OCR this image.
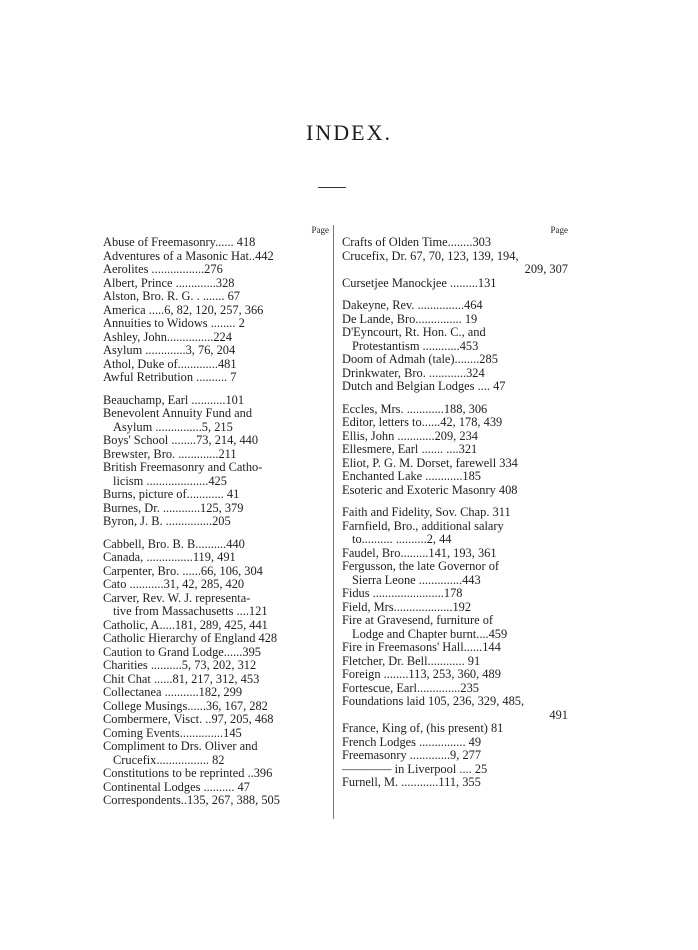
INDEX.
Page
Abuse of Freemasonry...... 418
Adventures of a Masonic Hat..442
Aerolites .................276
Albert, Prince .............328
Alston, Bro. R. G. . ....... 67
America .....6, 82, 120, 257, 366
Annuities to Widows ........ 2
Ashley, John...............224
Asylum .............3, 76, 204
Athol, Duke of.............481
Awful Retribution .......... 7
Beauchamp, Earl ...........101
Benevolent Annuity Fund and
Asylum ...............5, 215
Boys' School ........73, 214, 440
Brewster, Bro. .............211
British Freemasonry and Catho-
licism ....................425
Burns, picture of............ 41
Burnes, Dr. ............125, 379
Byron, J. B. ...............205
Cabbell, Bro. B. B..........440
Canada, ...............119, 491
Carpenter, Bro. ......66, 106, 304
Cato ...........31, 42, 285, 420
Carver, Rev. W. J. representa-
tive from Massachusetts ....121
Catholic, A.....181, 289, 425, 441
Catholic Hierarchy of England 428
Caution to Grand Lodge......395
Charities ..........5, 73, 202, 312
Chit Chat ......81, 217, 312, 453
Collectanea ...........182, 299
College Musings......36, 167, 282
Combermere, Visct. ..97, 205, 468
Coming Events..............145
Compliment to Drs. Oliver and
Crucefix................. 82
Constitutions to be reprinted ..396
Continental Lodges .......... 47
Correspondents..135, 267, 388, 505
Page
Crafts of Olden Time........303
Crucefix, Dr. 67, 70, 123, 139, 194,
209, 307
Cursetjee Manockjee .........131
Dakeyne, Rev. ...............464
De Lande, Bro............... 19
D'Eyncourt, Rt. Hon. C., and
Protestantism ............453
Doom of Admah (tale)........285
Drinkwater, Bro. ............324
Dutch and Belgian Lodges .... 47
Eccles, Mrs. ............188, 306
Editor, letters to......42, 178, 439
Ellis, John ............209, 234
Ellesmere, Earl ....... ....321
Eliot, P. G. M. Dorset, farewell 334
Enchanted Lake ............185
Esoteric and Exoteric Masonry 408
Faith and Fidelity, Sov. Chap. 311
Farnfield, Bro., additional salary
to.......... ..........2, 44
Faudel, Bro.........141, 193, 361
Fergusson, the late Governor of
Sierra Leone ..............443
Fidus .......................178
Field, Mrs...................192
Fire at Gravesend, furniture of
Lodge and Chapter burnt....459
Fire in Freemasons' Hall......144
Fletcher, Dr. Bell............ 91
Foreign ........113, 253, 360, 489
Fortescue, Earl..............235
Foundations laid 105, 236, 329, 485,
491
France, King of, (his present) 81
French Lodges ............... 49
Freemasonry .............9, 277
———— in Liverpool .... 25
Furnell, M. ............111, 355
